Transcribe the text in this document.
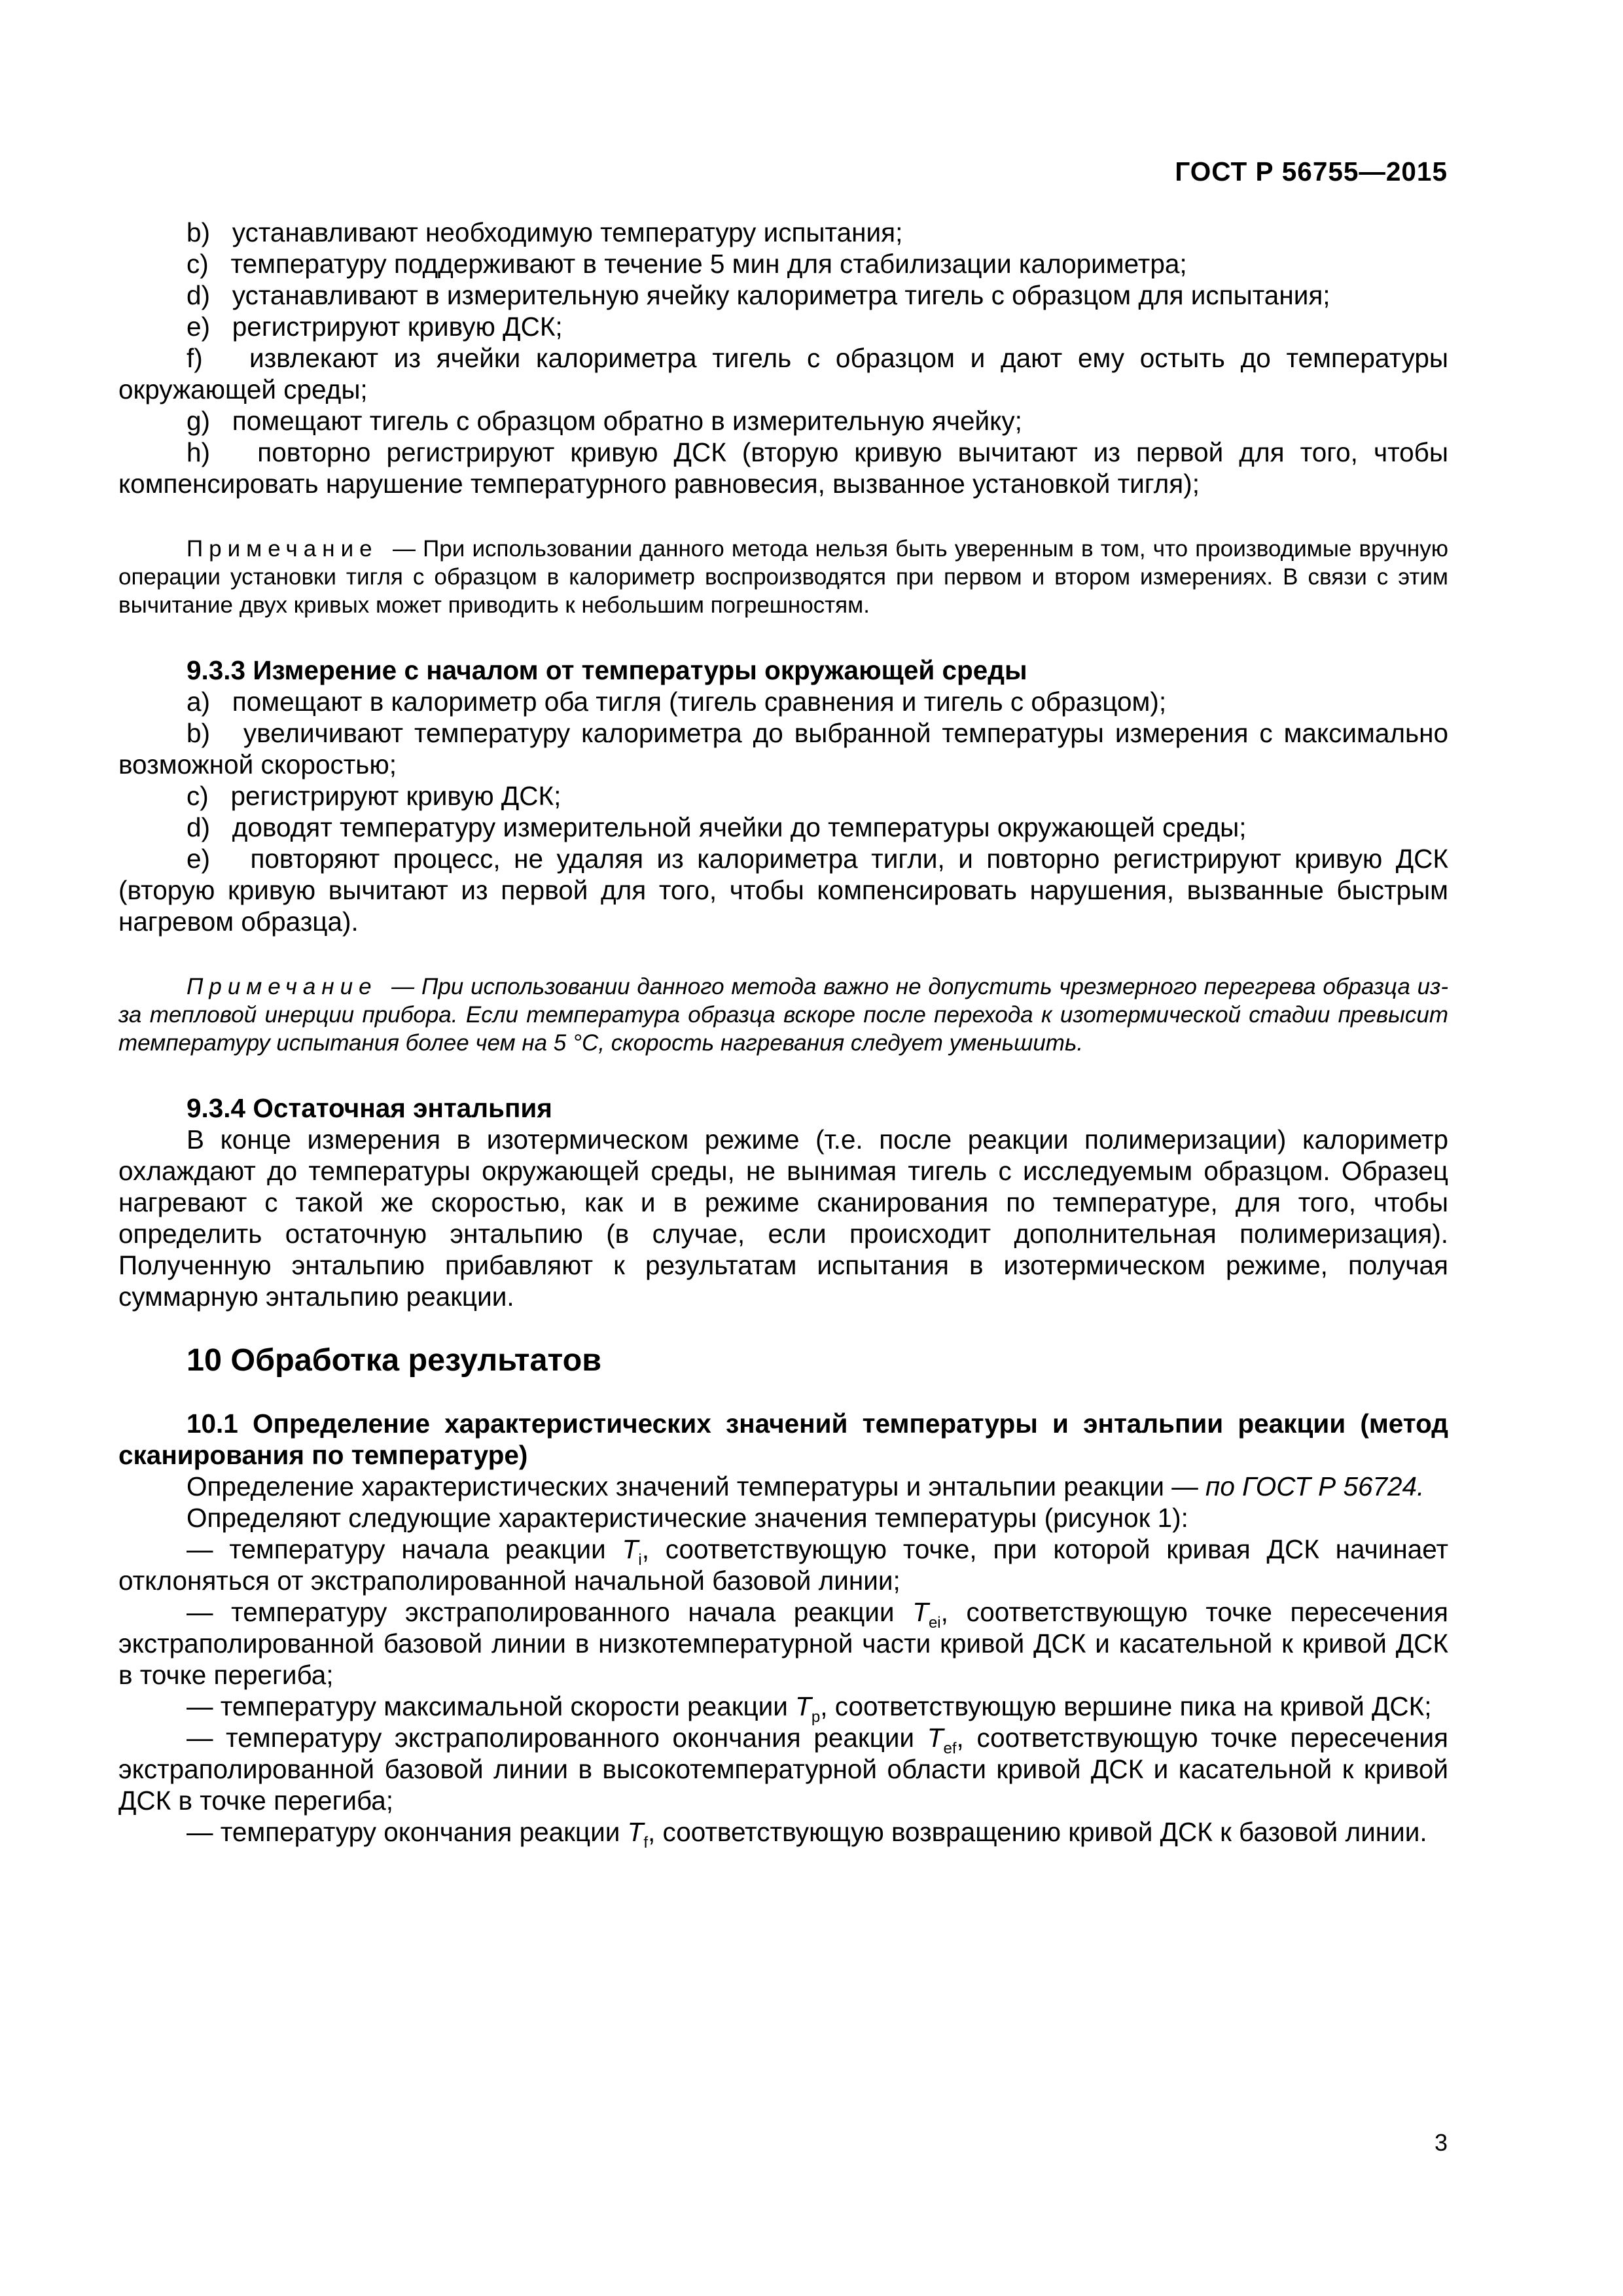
ГОСТ Р 56755—2015

b) устанавливают необходимую температуру испытания;

c) температуру поддерживают в течение 5 мин для стабилизации калориметра;

d) устанавливают в измерительную ячейку калориметра тигель с образцом для испытания;

e) регистрируют кривую ДСК;

f) извлекают из ячейки калориметра тигель с образцом и дают ему остыть до температуры окружающей среды;

g) помещают тигель с образцом обратно в измерительную ячейку;

h) повторно регистрируют кривую ДСК (вторую кривую вычитают из первой для того, чтобы компенсировать нарушение температурного равновесия, вызванное установкой тигля);

Примечание — При использовании данного метода нельзя быть уверенным в том, что производимые вручную операции установки тигля с образцом в калориметр воспроизводятся при первом и втором измерениях. В связи с этим вычитание двух кривых может приводить к небольшим погрешностям.

9.3.3 Измерение с началом от температуры окружающей среды

a) помещают в калориметр оба тигля (тигель сравнения и тигель с образцом);

b) увеличивают температуру калориметра до выбранной температуры измерения с максимально возможной скоростью;

c) регистрируют кривую ДСК;

d) доводят температуру измерительной ячейки до температуры окружающей среды;

e) повторяют процесс, не удаляя из калориметра тигли, и повторно регистрируют кривую ДСК (вторую кривую вычитают из первой для того, чтобы компенсировать нарушения, вызванные быстрым нагревом образца).

Примечание — При использовании данного метода важно не допустить чрезмерного перегрева образца из-за тепловой инерции прибора. Если температура образца вскоре после перехода к изотермической стадии превысит температуру испытания более чем на 5 °С, скорость нагревания следует уменьшить.

9.3.4 Остаточная энтальпия

В конце измерения в изотермическом режиме (т.е. после реакции полимеризации) калориметр охлаждают до температуры окружающей среды, не вынимая тигель с исследуемым образцом. Образец нагревают с такой же скоростью, как и в режиме сканирования по температуре, для того, чтобы определить остаточную энтальпию (в случае, если происходит дополнительная полимеризация). Полученную энтальпию прибавляют к результатам испытания в изотермическом режиме, получая суммарную энтальпию реакции.

10 Обработка результатов

10.1 Определение характеристических значений температуры и энтальпии реакции (метод сканирования по температуре)

Определение характеристических значений температуры и энтальпии реакции — по ГОСТ Р 56724.

Определяют следующие характеристические значения температуры (рисунок 1):

— температуру начала реакции $T_i$, соответствующую точке, при которой кривая ДСК начинает отклоняться от экстраполированной начальной базовой линии;

— температуру экстраполированного начала реакции $T_{ei}$, соответствующую точке пересечения экстраполированной базовой линии в низкотемпературной части кривой ДСК и касательной к кривой ДСК в точке перегиба;

— температуру максимальной скорости реакции $T_p$, соответствующую вершине пика на кривой ДСК;

— температуру экстраполированного окончания реакции $T_{ef}$, соответствующую точке пересечения экстраполированной базовой линии в высокотемпературной области кривой ДСК и касательной к кривой ДСК в точке перегиба;

— температуру окончания реакции $T_f$, соответствующую возвращению кривой ДСК к базовой линии.

3
